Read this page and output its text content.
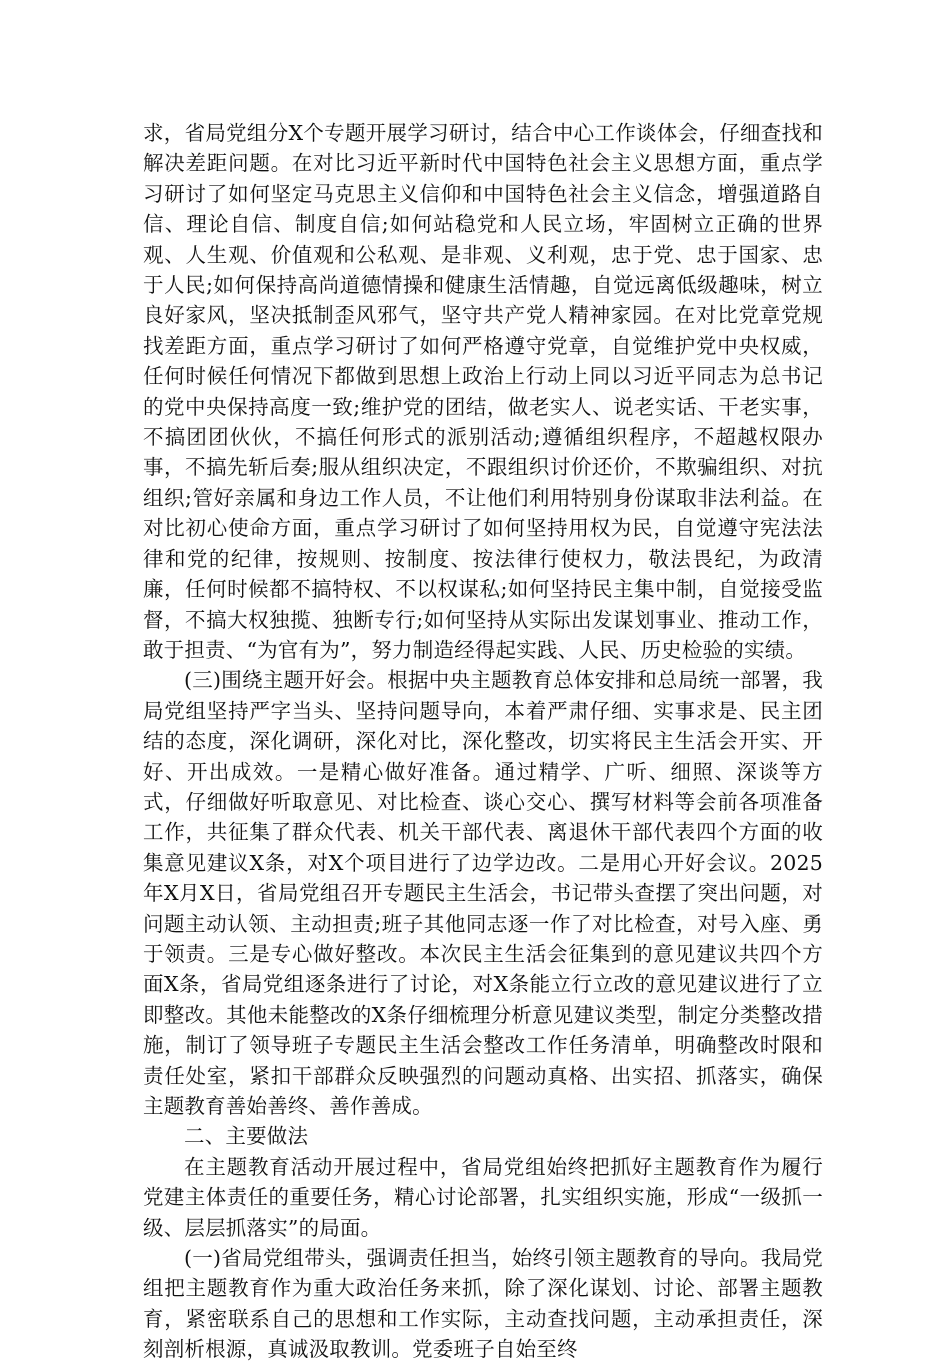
求，省局党组分X个专题开展学习研讨，结合中心工作谈体会，仔细查找和解决差距问题。在对比习近平新时代中国特色社会主义思想方面，重点学习研讨了如何坚定马克思主义信仰和中国特色社会主义信念，增强道路自信、理论自信、制度自信;如何站稳党和人民立场，牢固树立正确的世界观、人生观、价值观和公私观、是非观、义利观，忠于党、忠于国家、忠于人民;如何保持高尚道德情操和健康生活情趣，自觉远离低级趣味，树立良好家风，坚决抵制歪风邪气，坚守共产党人精神家园。在对比党章党规找差距方面，重点学习研讨了如何严格遵守党章，自觉维护党中央权威，任何时候任何情况下都做到思想上政治上行动上同以习近平同志为总书记的党中央保持高度一致;维护党的团结，做老实人、说老实话、干老实事，不搞团团伙伙，不搞任何形式的派别活动;遵循组织程序，不超越权限办事，不搞先斩后奏;服从组织决定，不跟组织讨价还价，不欺骗组织、对抗组织;管好亲属和身边工作人员，不让他们利用特别身份谋取非法利益。在对比初心使命方面，重点学习研讨了如何坚持用权为民，自觉遵守宪法法律和党的纪律，按规则、按制度、按法律行使权力，敬法畏纪，为政清廉，任何时候都不搞特权、不以权谋私;如何坚持民主集中制，自觉接受监督，不搞大权独揽、独断专行;如何坚持从实际出发谋划事业、推动工作，敢于担责、“为官有为”，努力制造经得起实践、人民、历史检验的实绩。

(三)围绕主题开好会。根据中央主题教育总体安排和总局统一部署，我局党组坚持严字当头、坚持问题导向，本着严肃仔细、实事求是、民主团结的态度，深化调研，深化对比，深化整改，切实将民主生活会开实、开好、开出成效。一是精心做好准备。通过精学、广听、细照、深谈等方式，仔细做好听取意见、对比检查、谈心交心、撰写材料等会前各项准备工作，共征集了群众代表、机关干部代表、离退休干部代表四个方面的收集意见建议X条，对X个项目进行了边学边改。二是用心开好会议。2025年X月X日，省局党组召开专题民主生活会，书记带头查摆了突出问题，对问题主动认领、主动担责;班子其他同志逐一作了对比检查，对号入座、勇于领责。三是专心做好整改。本次民主生活会征集到的意见建议共四个方面X条，省局党组逐条进行了讨论，对X条能立行立改的意见建议进行了立即整改。其他未能整改的X条仔细梳理分析意见建议类型，制定分类整改措施，制订了领导班子专题民主生活会整改工作任务清单，明确整改时限和责任处室，紧扣干部群众反映强烈的问题动真格、出实招、抓落实，确保主题教育善始善终、善作善成。

二、主要做法

在主题教育活动开展过程中，省局党组始终把抓好主题教育作为履行党建主体责任的重要任务，精心讨论部署，扎实组织实施，形成“一级抓一级、层层抓落实”的局面。

(一)省局党组带头，强调责任担当，始终引领主题教育的导向。我局党组把主题教育作为重大政治任务来抓，除了深化谋划、讨论、部署主题教育，紧密联系自己的思想和工作实际，主动查找问题，主动承担责任，深刻剖析根源，真诚汲取教训。党委班子自始至终
